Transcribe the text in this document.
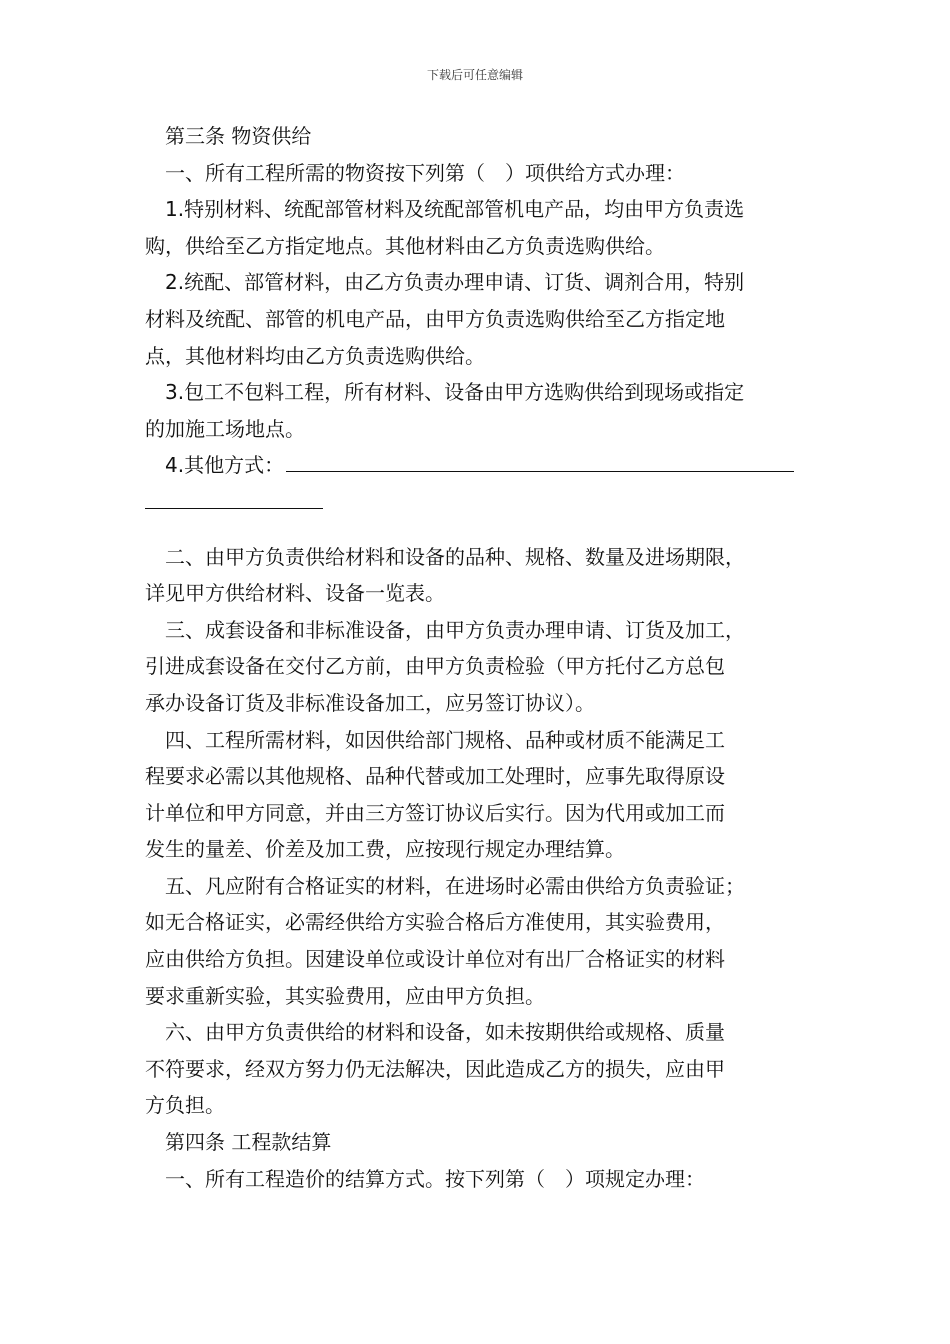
下载后可任意编辑
第三条 物资供给
一、所有工程所需的物资按下列第（　）项供给方式办理：
1.特别材料、统配部管材料及统配部管机电产品，均由甲方负责选
购，供给至乙方指定地点。其他材料由乙方负责选购供给。
2.统配、部管材料，由乙方负责办理申请、订货、调剂合用，特别
材料及统配、部管的机电产品，由甲方负责选购供给至乙方指定地
点，其他材料均由乙方负责选购供给。
3.包工不包料工程，所有材料、设备由甲方选购供给到现场或指定
的加施工场地点。
4.其他方式：
二、由甲方负责供给材料和设备的品种、规格、数量及进场期限，
详见甲方供给材料、设备一览表。
三、成套设备和非标准设备，由甲方负责办理申请、订货及加工，
引进成套设备在交付乙方前，由甲方负责检验（甲方托付乙方总包
承办设备订货及非标准设备加工，应另签订协议）。
四、工程所需材料，如因供给部门规格、品种或材质不能满足工
程要求必需以其他规格、品种代替或加工处理时，应事先取得原设
计单位和甲方同意，并由三方签订协议后实行。因为代用或加工而
发生的量差、价差及加工费，应按现行规定办理结算。
五、凡应附有合格证实的材料，在进场时必需由供给方负责验证；
如无合格证实，必需经供给方实验合格后方准使用，其实验费用，
应由供给方负担。因建设单位或设计单位对有出厂合格证实的材料
要求重新实验，其实验费用，应由甲方负担。
六、由甲方负责供给的材料和设备，如未按期供给或规格、质量
不符要求，经双方努力仍无法解决，因此造成乙方的损失，应由甲
方负担。
第四条 工程款结算
一、所有工程造价的结算方式。按下列第（　）项规定办理：
